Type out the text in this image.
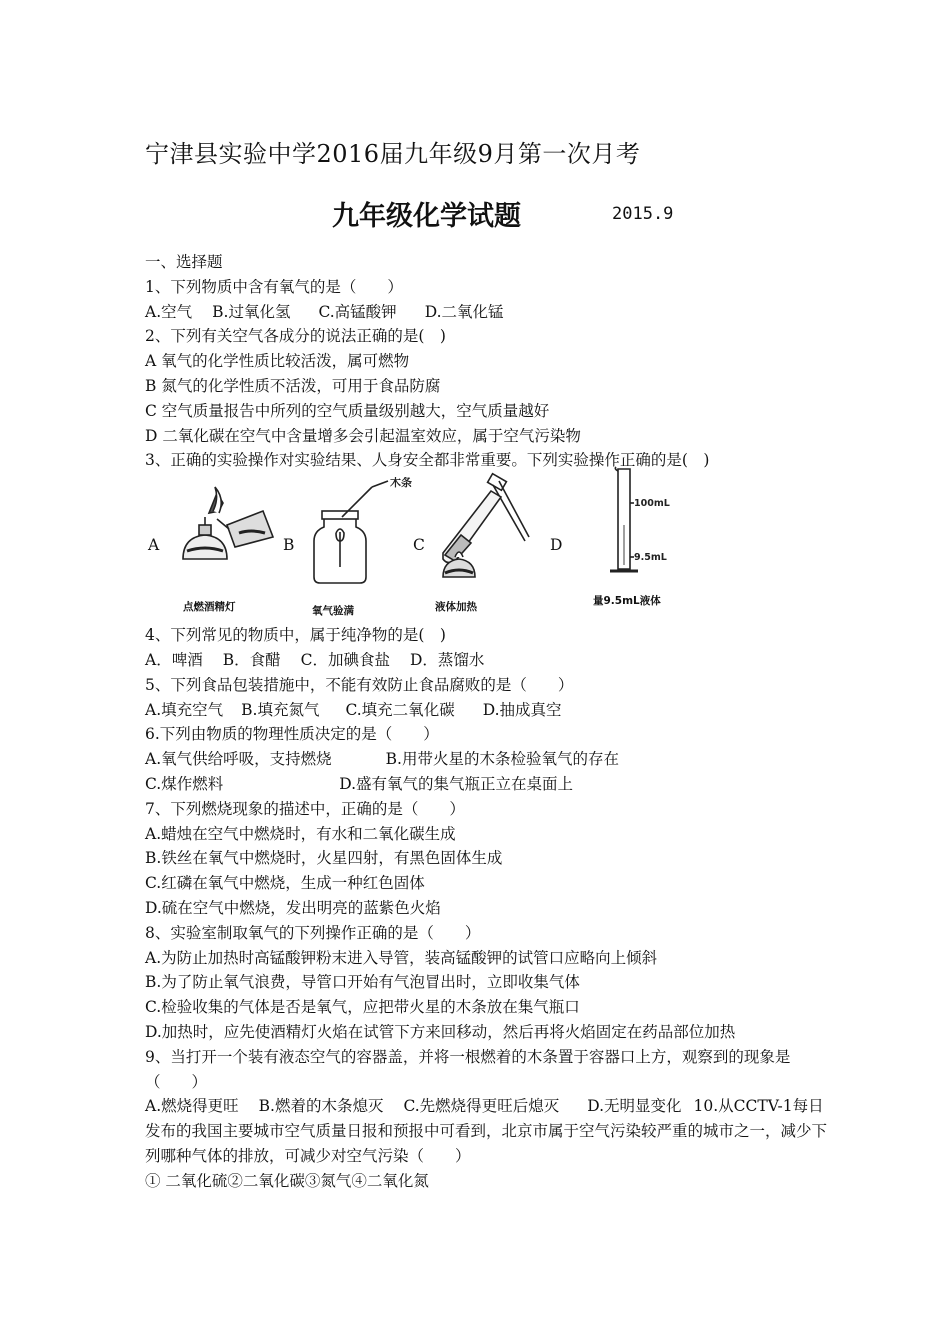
宁津县实验中学2016届九年级9月第一次月考
九年级化学试题	2015.9
一、选择题
1、下列物质中含有氧气的是（　　）
A.空气 B.过氧化氢 C.高锰酸钾 D.二氧化锰
2、下列有关空气各成分的说法正确的是(　)
A 氧气的化学性质比较活泼，属可燃物
B 氮气的化学性质不活泼，可用于食品防腐
C 空气质量报告中所列的空气质量级别越大，空气质量越好
D 二氧化碳在空气中含量增多会引起温室效应，属于空气污染物
3、正确的实验操作对实验结果、人身安全都非常重要。下列实验操作正确的是(　)
A	B	C	D
点燃酒精灯
木条
氧气验满	液体加热
100mL
9.5mL
量9.5mL液体
4、下列常见的物质中，属于纯净物的是(　)
A．啤酒 B．食醋 C．加碘食盐 D．蒸馏水
5、下列食品包装措施中，不能有效防止食品腐败的是（　　）
A.填充空气 B.填充氮气 C.填充二氧化碳 D.抽成真空
6.下列由物质的物理性质决定的是（　　）
A.氧气供给呼吸，支持燃烧	B.用带火星的木条检验氧气的存在
C.煤作燃料	D.盛有氧气的集气瓶正立在桌面上
7、下列燃烧现象的描述中，正确的是（　　）
A.蜡烛在空气中燃烧时，有水和二氧化碳生成
B.铁丝在氧气中燃烧时，火星四射，有黑色固体生成
C.红磷在氧气中燃烧，生成一种红色固体
D.硫在空气中燃烧，发出明亮的蓝紫色火焰
8、实验室制取氧气的下列操作正确的是（　　）
A.为防止加热时高锰酸钾粉末进入导管，装高锰酸钾的试管口应略向上倾斜
B.为了防止氧气浪费，导管口开始有气泡冒出时，立即收集气体
C.检验收集的气体是否是氧气，应把带火星的木条放在集气瓶口
D.加热时，应先使酒精灯火焰在试管下方来回移动，然后再将火焰固定在药品部位加热
9、当打开一个装有液态空气的容器盖，并将一根燃着的木条置于容器口上方，观察到的现象是（　　）
A.燃烧得更旺 B.燃着的木条熄灭 C.先燃烧得更旺后熄灭 D.无明显变化 10.从CCTV-1每日发布的我国主要城市空气质量日报和预报中可看到，北京市属于空气污染较严重的城市之一，减少下列哪种气体的排放，可减少对空气污染（　　）
① 二氧化硫②二氧化碳③氮气④二氧化氮
